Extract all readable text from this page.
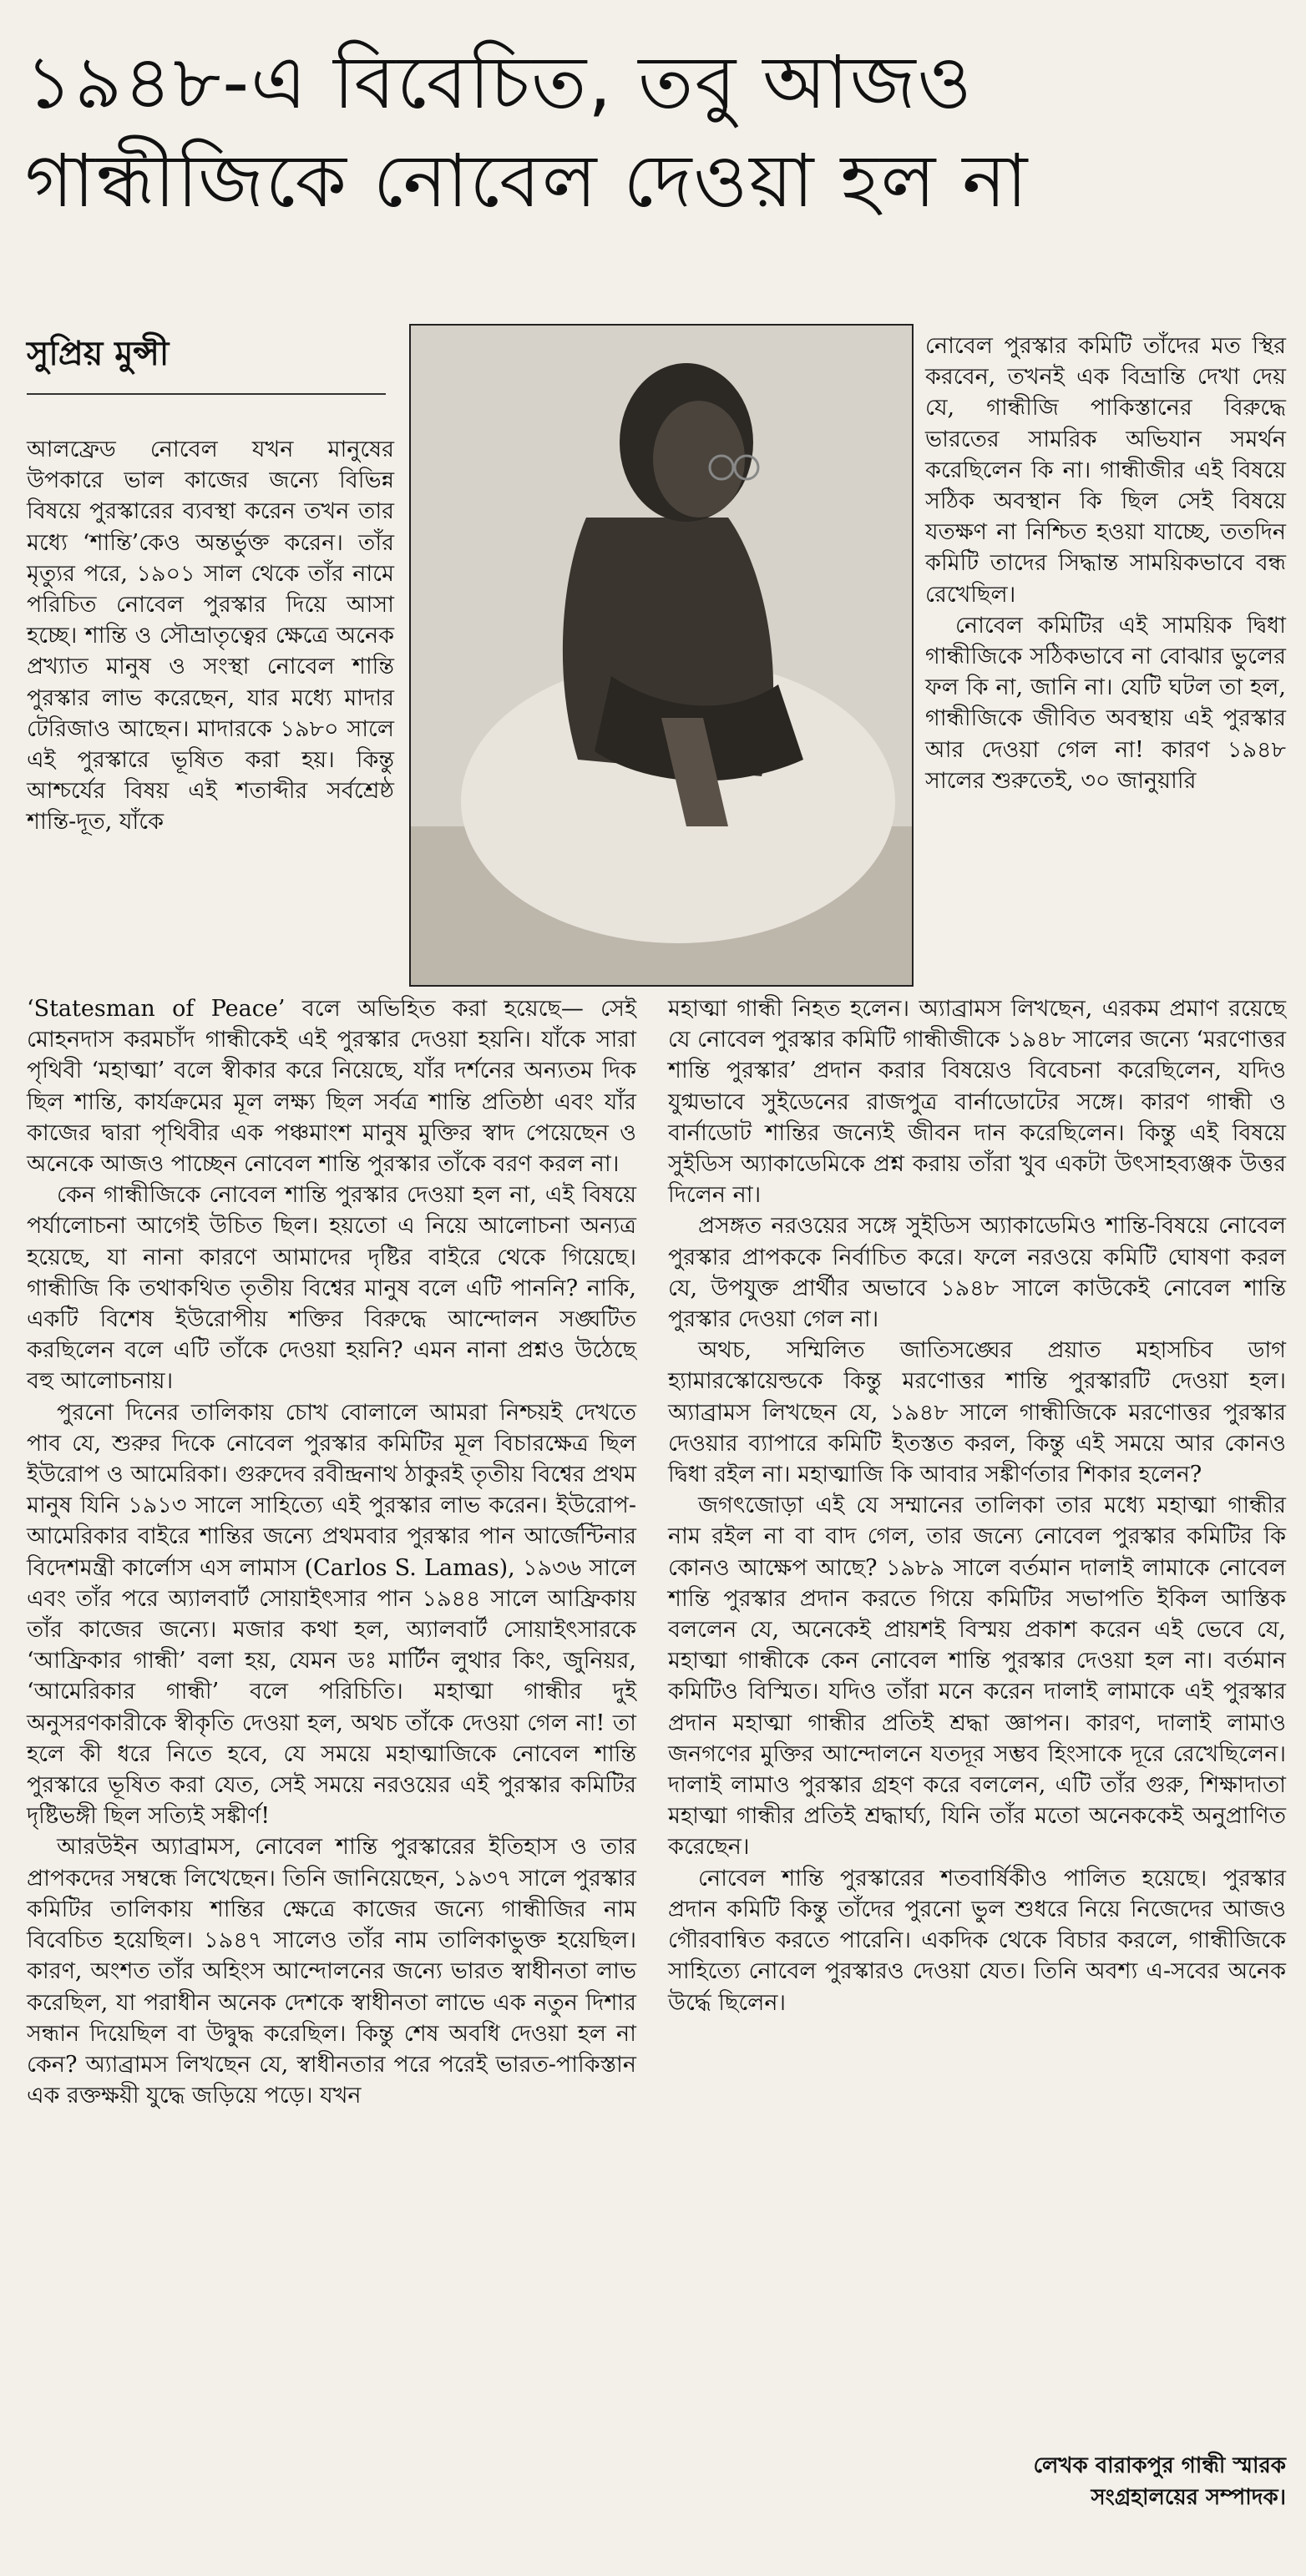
১৯৪৮-এ বিবেচিত, তবু আজও
গান্ধীজিকে নোবেল দেওয়া হল না
সুপ্রিয় মুন্সী

আলফ্রেড নোবেল যখন মানুষের উপকারে ভাল কাজের জন্যে বিভিন্ন বিষয়ে পুরস্কারের ব্যবস্থা করেন তখন তার মধ্যে ‘শান্তি’কেও অন্তর্ভুক্ত করেন। তাঁর মৃত্যুর পরে, ১৯০১ সাল থেকে তাঁর নামে পরিচিত নোবেল পুরস্কার দিয়ে আসা হচ্ছে। শান্তি ও সৌভ্রাতৃত্বের ক্ষেত্রে অনেক প্রখ্যাত মানুষ ও সংস্থা নোবেল শান্তি পুরস্কার লাভ করেছেন, যার মধ্যে মাদার টেরিজাও আছেন। মাদারকে ১৯৮০ সালে এই পুরস্কারে ভূষিত করা হয়। কিন্তু আশ্চর্যের বিষয় এই শতাব্দীর সর্বশ্রেষ্ঠ শান্তি-দূত, যাঁকে

নোবেল পুরস্কার কমিটি তাঁদের মত স্থির করবেন, তখনই এক বিভ্রান্তি দেখা দেয় যে, গান্ধীজি পাকিস্তানের বিরুদ্ধে ভারতের সামরিক অভিযান সমর্থন করেছিলেন কি না। গান্ধীজীর এই বিষয়ে সঠিক অবস্থান কি ছিল সেই বিষয়ে যতক্ষণ না নিশ্চিত হওয়া যাচ্ছে, ততদিন কমিটি তাদের সিদ্ধান্ত সাময়িকভাবে বন্ধ রেখেছিল।

নোবেল কমিটির এই সাময়িক দ্বিধা গান্ধীজিকে সঠিকভাবে না বোঝার ভুলের ফল কি না, জানি না। যেটি ঘটল তা হল, গান্ধীজিকে জীবিত অবস্থায় এই পুরস্কার আর দেওয়া গেল না! কারণ ১৯৪৮ সালের শুরুতেই, ৩০ জানুয়ারি

‘Statesman of Peace’ বলে অভিহিত করা হয়েছে— সেই মোহনদাস করমচাঁদ গান্ধীকেই এই পুরস্কার দেওয়া হয়নি। যাঁকে সারা পৃথিবী ‘মহাত্মা’ বলে স্বীকার করে নিয়েছে, যাঁর দর্শনের অন্যতম দিক ছিল শান্তি, কার্যক্রমের মূল লক্ষ্য ছিল সর্বত্র শান্তি প্রতিষ্ঠা এবং যাঁর কাজের দ্বারা পৃথিবীর এক পঞ্চমাংশ মানুষ মুক্তির স্বাদ পেয়েছেন ও অনেকে আজও পাচ্ছেন নোবেল শান্তি পুরস্কার তাঁকে বরণ করল না।

কেন গান্ধীজিকে নোবেল শান্তি পুরস্কার দেওয়া হল না, এই বিষয়ে পর্যালোচনা আগেই উচিত ছিল। হয়তো এ নিয়ে আলোচনা অন্যত্র হয়েছে, যা নানা কারণে আমাদের দৃষ্টির বাইরে থেকে গিয়েছে। গান্ধীজি কি তথাকথিত তৃতীয় বিশ্বের মানুষ বলে এটি পাননি? নাকি, একটি বিশেষ ইউরোপীয় শক্তির বিরুদ্ধে আন্দোলন সঙ্ঘটিত করছিলেন বলে এটি তাঁকে দেওয়া হয়নি? এমন নানা প্রশ্নও উঠেছে বহু আলোচনায়।

পুরনো দিনের তালিকায় চোখ বোলালে আমরা নিশ্চয়ই দেখতে পাব যে, শুরুর দিকে নোবেল পুরস্কার কমিটির মূল বিচারক্ষেত্র ছিল ইউরোপ ও আমেরিকা। গুরুদেব রবীন্দ্রনাথ ঠাকুরই তৃতীয় বিশ্বের প্রথম মানুষ যিনি ১৯১৩ সালে সাহিত্যে এই পুরস্কার লাভ করেন। ইউরোপ-আমেরিকার বাইরে শান্তির জন্যে প্রথমবার পুরস্কার পান আর্জেন্টিনার বিদেশমন্ত্রী কার্লোস এস লামাস (Carlos S. Lamas), ১৯৩৬ সালে এবং তাঁর পরে অ্যালবার্ট সোয়াইৎসার পান ১৯৪৪ সালে আফ্রিকায় তাঁর কাজের জন্যে। মজার কথা হল, অ্যালবার্ট সোয়াইৎসারকে ‘আফ্রিকার গান্ধী’ বলা হয়, যেমন ডঃ মার্টিন লুথার কিং, জুনিয়র, ‘আমেরিকার গান্ধী’ বলে পরিচিতি। মহাত্মা গান্ধীর দুই অনুসরণকারীকে স্বীকৃতি দেওয়া হল, অথচ তাঁকে দেওয়া গেল না! তা হলে কী ধরে নিতে হবে, যে সময়ে মহাত্মাজিকে নোবেল শান্তি পুরস্কারে ভূষিত করা যেত, সেই সময়ে নরওয়ের এই পুরস্কার কমিটির দৃষ্টিভঙ্গী ছিল সত্যিই সঙ্কীর্ণ!

আরউইন অ্যাব্রামস, নোবেল শান্তি পুরস্কারের ইতিহাস ও তার প্রাপকদের সম্বন্ধে লিখেছেন। তিনি জানিয়েছেন, ১৯৩৭ সালে পুরস্কার কমিটির তালিকায় শান্তির ক্ষেত্রে কাজের জন্যে গান্ধীজির নাম বিবেচিত হয়েছিল। ১৯৪৭ সালেও তাঁর নাম তালিকাভুক্ত হয়েছিল। কারণ, অংশত তাঁর অহিংস আন্দোলনের জন্যে ভারত স্বাধীনতা লাভ করেছিল, যা পরাধীন অনেক দেশকে স্বাধীনতা লাভে এক নতুন দিশার সন্ধান দিয়েছিল বা উদ্বুদ্ধ করেছিল। কিন্তু শেষ অবধি দেওয়া হল না কেন? অ্যাব্রামস লিখছেন যে, স্বাধীনতার পরে পরেই ভারত-পাকিস্তান এক রক্তক্ষয়ী যুদ্ধে জড়িয়ে পড়ে। যখন

মহাত্মা গান্ধী নিহত হলেন। অ্যাব্রামস লিখছেন, এরকম প্রমাণ রয়েছে যে নোবেল পুরস্কার কমিটি গান্ধীজীকে ১৯৪৮ সালের জন্যে ‘মরণোত্তর শান্তি পুরস্কার’ প্রদান করার বিষয়েও বিবেচনা করেছিলেন, যদিও যুগ্মভাবে সুইডেনের রাজপুত্র বার্নাডোটের সঙ্গে। কারণ গান্ধী ও বার্নাডোট শান্তির জন্যেই জীবন দান করেছিলেন। কিন্তু এই বিষয়ে সুইডিস অ্যাকাডেমিকে প্রশ্ন করায় তাঁরা খুব একটা উৎসাহব্যঞ্জক উত্তর দিলেন না।

প্রসঙ্গত নরওয়ের সঙ্গে সুইডিস অ্যাকাডেমিও শান্তি-বিষয়ে নোবেল পুরস্কার প্রাপককে নির্বাচিত করে। ফলে নরওয়ে কমিটি ঘোষণা করল যে, উপযুক্ত প্রার্থীর অভাবে ১৯৪৮ সালে কাউকেই নোবেল শান্তি পুরস্কার দেওয়া গেল না।

অথচ, সম্মিলিত জাতিসঙ্ঘের প্রয়াত মহাসচিব ডাগ হ্যামারস্কোয়েল্ডকে কিন্তু মরণোত্তর শান্তি পুরস্কারটি দেওয়া হল। অ্যাব্রামস লিখছেন যে, ১৯৪৮ সালে গান্ধীজিকে মরণোত্তর পুরস্কার দেওয়ার ব্যাপারে কমিটি ইতস্তত করল, কিন্তু এই সময়ে আর কোনও দ্বিধা রইল না। মহাত্মাজি কি আবার সঙ্কীর্ণতার শিকার হলেন?

জগৎজোড়া এই যে সম্মানের তালিকা তার মধ্যে মহাত্মা গান্ধীর নাম রইল না বা বাদ গেল, তার জন্যে নোবেল পুরস্কার কমিটির কি কোনও আক্ষেপ আছে? ১৯৮৯ সালে বর্তমান দালাই লামাকে নোবেল শান্তি পুরস্কার প্রদান করতে গিয়ে কমিটির সভাপতি ইকিল আস্তিক বললেন যে, অনেকেই প্রায়শই বিস্ময় প্রকাশ করেন এই ভেবে যে, মহাত্মা গান্ধীকে কেন নোবেল শান্তি পুরস্কার দেওয়া হল না। বর্তমান কমিটিও বিস্মিত। যদিও তাঁরা মনে করেন দালাই লামাকে এই পুরস্কার প্রদান মহাত্মা গান্ধীর প্রতিই শ্রদ্ধা জ্ঞাপন। কারণ, দালাই লামাও জনগণের মুক্তির আন্দোলনে যতদূর সম্ভব হিংসাকে দূরে রেখেছিলেন। দালাই লামাও পুরস্কার গ্রহণ করে বললেন, এটি তাঁর গুরু, শিক্ষাদাতা মহাত্মা গান্ধীর প্রতিই শ্রদ্ধার্ঘ্য, যিনি তাঁর মতো অনেককেই অনুপ্রাণিত করেছেন।

নোবেল শান্তি পুরস্কারের শতবার্ষিকীও পালিত হয়েছে। পুরস্কার প্রদান কমিটি কিন্তু তাঁদের পুরনো ভুল শুধরে নিয়ে নিজেদের আজও গৌরবান্বিত করতে পারেনি। একদিক থেকে বিচার করলে, গান্ধীজিকে সাহিত্যে নোবেল পুরস্কারও দেওয়া যেত। তিনি অবশ্য এ-সবের অনেক উর্দ্ধে ছিলেন।

লেখক বারাকপুর গান্ধী স্মারক
সংগ্রহালয়ের সম্পাদক।
